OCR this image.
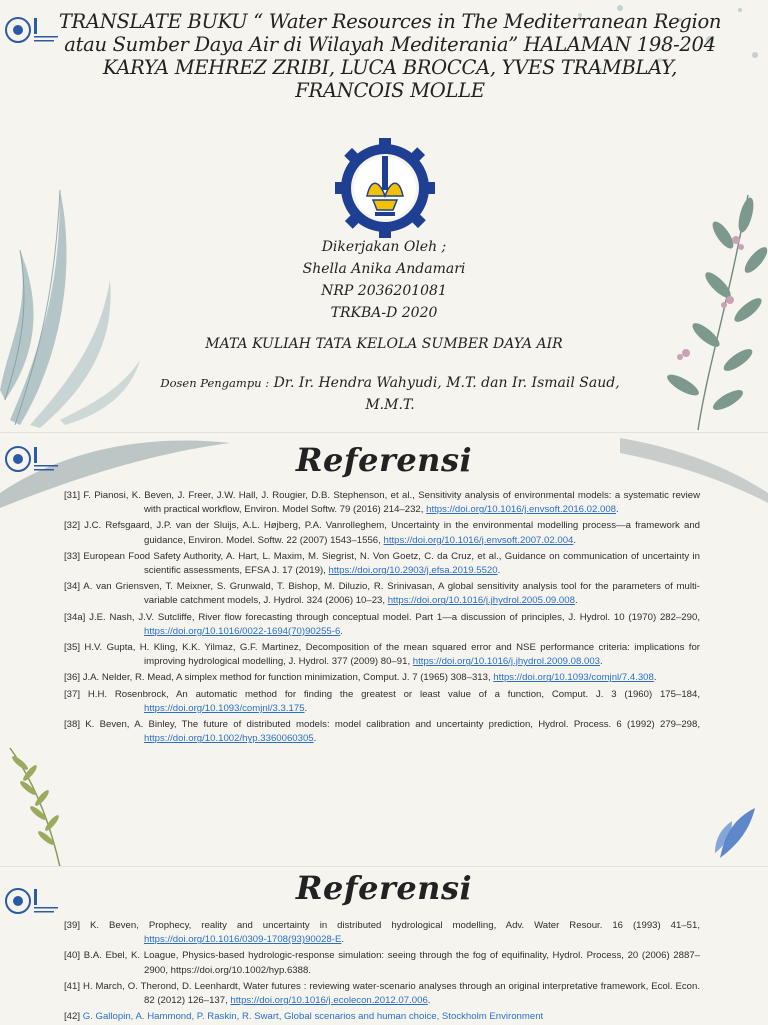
TRANSLATE BUKU “ Water Resources in The Mediterranean Region
atau Sumber Daya Air di Wilayah Mediterania” HALAMAN 198-204
KARYA MEHREZ ZRIBI, LUCA BROCCA, YVES TRAMBLAY,
FRANCOIS MOLLE
Dikerjakan Oleh ;
Shella Anika Andamari
NRP 2036201081
TRKBA-D 2020
MATA KULIAH TATA KELOLA SUMBER DAYA AIR
Dosen Pengampu : Dr. Ir. Hendra Wahyudi, M.T. dan Ir. Ismail Saud,
M.M.T.
Referensi
[31] F. Pianosi, K. Beven, J. Freer, J.W. Hall, J. Rougier, D.B. Stephenson, et al., Sensitivity analysis of environmental models: a systematic review with practical workflow, Environ. Model Softw. 79 (2016) 214–232, https://doi.org/10.1016/j.envsoft.2016.02.008.
[32] J.C. Refsgaard, J.P. van der Sluijs, A.L. Højberg, P.A. Vanrolleghem, Uncertainty in the environmental modelling process—a framework and guidance, Environ. Model. Softw. 22 (2007) 1543–1556, https://doi.org/10.1016/j.envsoft.2007.02.004.
[33] European Food Safety Authority, A. Hart, L. Maxim, M. Siegrist, N. Von Goetz, C. da Cruz, et al., Guidance on communication of uncertainty in scientific assessments, EFSA J. 17 (2019), https://doi.org/10.2903/j.efsa.2019.5520.
[34] A. van Griensven, T. Meixner, S. Grunwald, T. Bishop, M. Diluzio, R. Srinivasan, A global sensitivity analysis tool for the parameters of multi-variable catchment models, J. Hydrol. 324 (2006) 10–23, https://doi.org/10.1016/j.jhydrol.2005.09.008.
[34a] J.E. Nash, J.V. Sutcliffe, River flow forecasting through conceptual model. Part 1—a discussion of principles, J. Hydrol. 10 (1970) 282–290, https://doi.org/10.1016/0022-1694(70)90255-6.
[35] H.V. Gupta, H. Kling, K.K. Yilmaz, G.F. Martinez, Decomposition of the mean squared error and NSE performance criteria: implications for improving hydrological modelling, J. Hydrol. 377 (2009) 80–91, https://doi.org/10.1016/j.jhydrol.2009.08.003.
[36] J.A. Nelder, R. Mead, A simplex method for function minimization, Comput. J. 7 (1965) 308–313, https://doi.org/10.1093/comjnl/7.4.308.
[37] H.H. Rosenbrock, An automatic method for finding the greatest or least value of a function, Comput. J. 3 (1960) 175–184, https://doi.org/10.1093/comjnl/3.3.175.
[38] K. Beven, A. Binley, The future of distributed models: model calibration and uncertainty prediction, Hydrol. Process. 6 (1992) 279–298, https://doi.org/10.1002/hyp.3360060305.
Referensi
[39] K. Beven, Prophecy, reality and uncertainty in distributed hydrological modelling, Adv. Water Resour. 16 (1993) 41–51, https://doi.org/10.1016/0309-1708(93)90028-E.
[40] B.A. Ebel, K. Loague, Physics-based hydrologic-response simulation: seeing through the fog of equifinality, Hydrol. Process, 20 (2006) 2887–2900, https://doi.org/10.1002/hyp.6388.
[41] H. March, O. Therond, D. Leenhardt, Water futures : reviewing water-scenario analyses through an original interpretative framework, Ecol. Econ. 82 (2012) 126–137, https://doi.org/10.1016/j.ecolecon.2012.07.006.
[42] G. Gallopin, A. Hammond, P. Raskin, R. Swart, Global scenarios and human choice, Stockholm Environment
